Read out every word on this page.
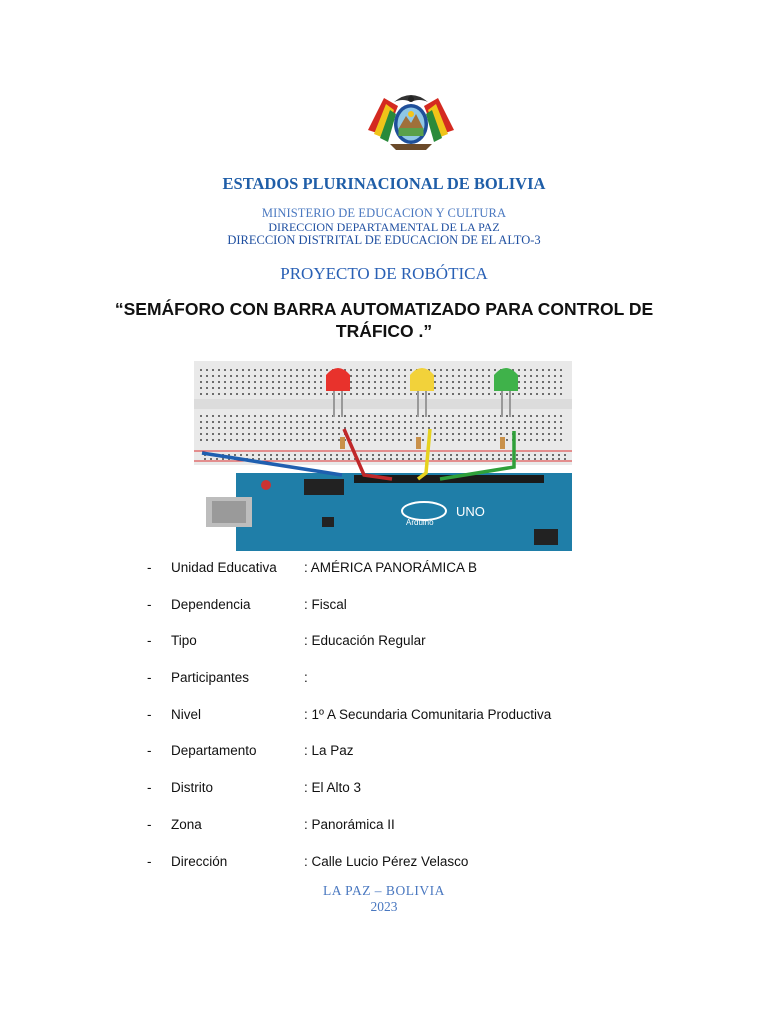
ESTADOS PLURINACIONAL DE BOLIVIA
MINISTERIO DE EDUCACION Y CULTURA
DIRECCION DEPARTAMENTAL DE LA PAZ
DIRECCION DISTRITAL DE EDUCACION DE EL ALTO-3
PROYECTO DE ROBÓTICA
“SEMÁFORO CON BARRA AUTOMATIZADO PARA CONTROL DE
TRÁFICO .”
UNO
Arduino
- Unidad Educativa : AMÉRICA PANORÁMICA B
- Dependencia	: Fiscal
- Tipo	: Educación Regular
- Participantes	:
- Nivel	: 1º A Secundaria Comunitaria Productiva
- Departamento	: La Paz
- Distrito	: El Alto 3
- Zona	: Panorámica II
- Dirección	: Calle Lucio Pérez Velasco
LA PAZ – BOLIVIA
2023
